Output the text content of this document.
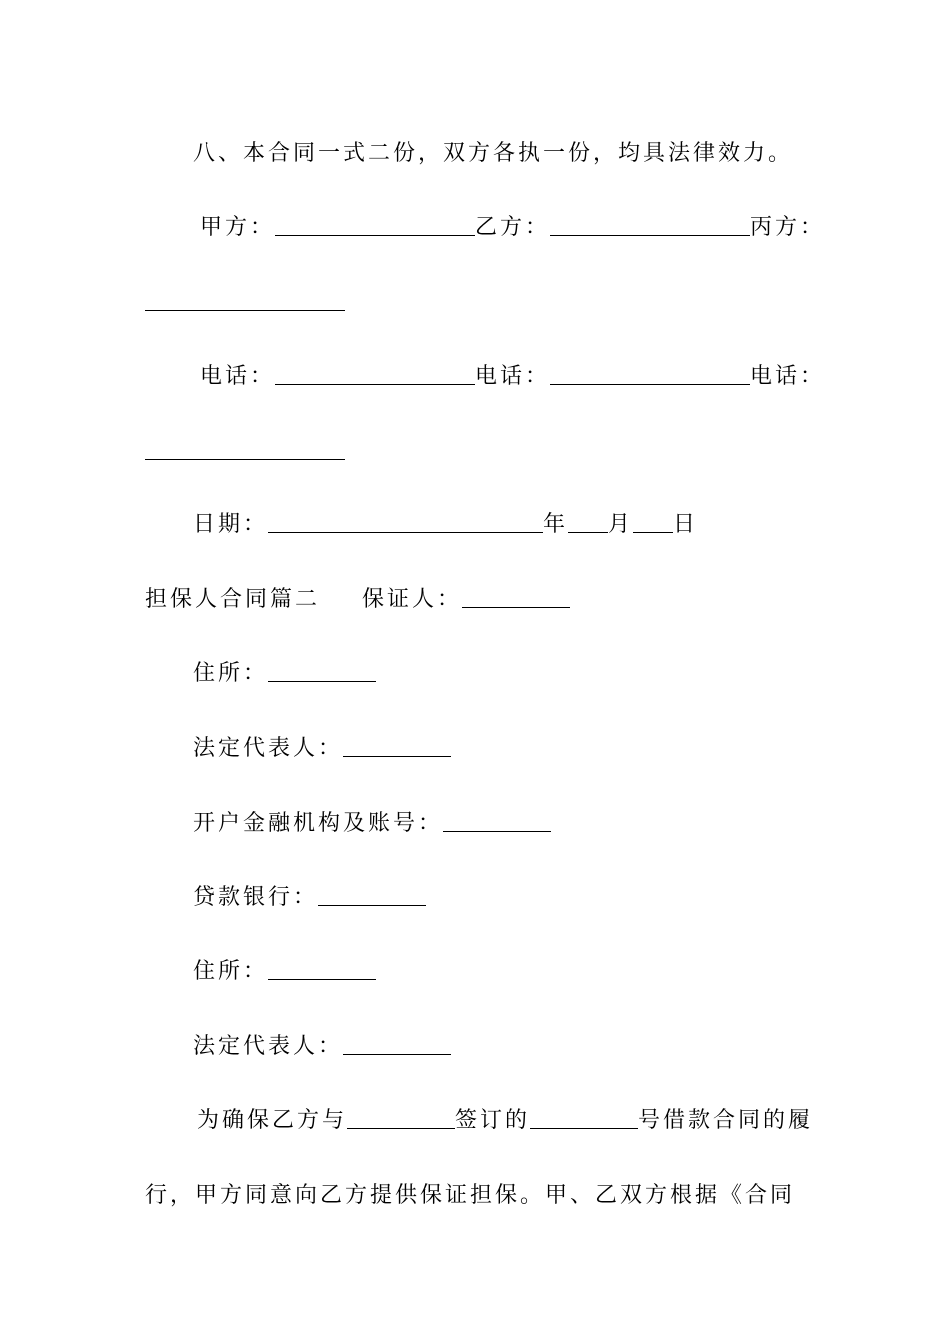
八、本合同一式二份，双方各执一份，均具法律效力。
甲方：	乙方：	丙方：
电话：	电话：	电话：
日期：	年 月 日
担保人合同篇二 保证人：
住所：
法定代表人：
开户金融机构及账号：
贷款银行：
住所：
法定代表人：
为确保乙方与	签订的	号借款合同的履
行，甲方同意向乙方提供保证担保。甲、乙双方根据《合同
